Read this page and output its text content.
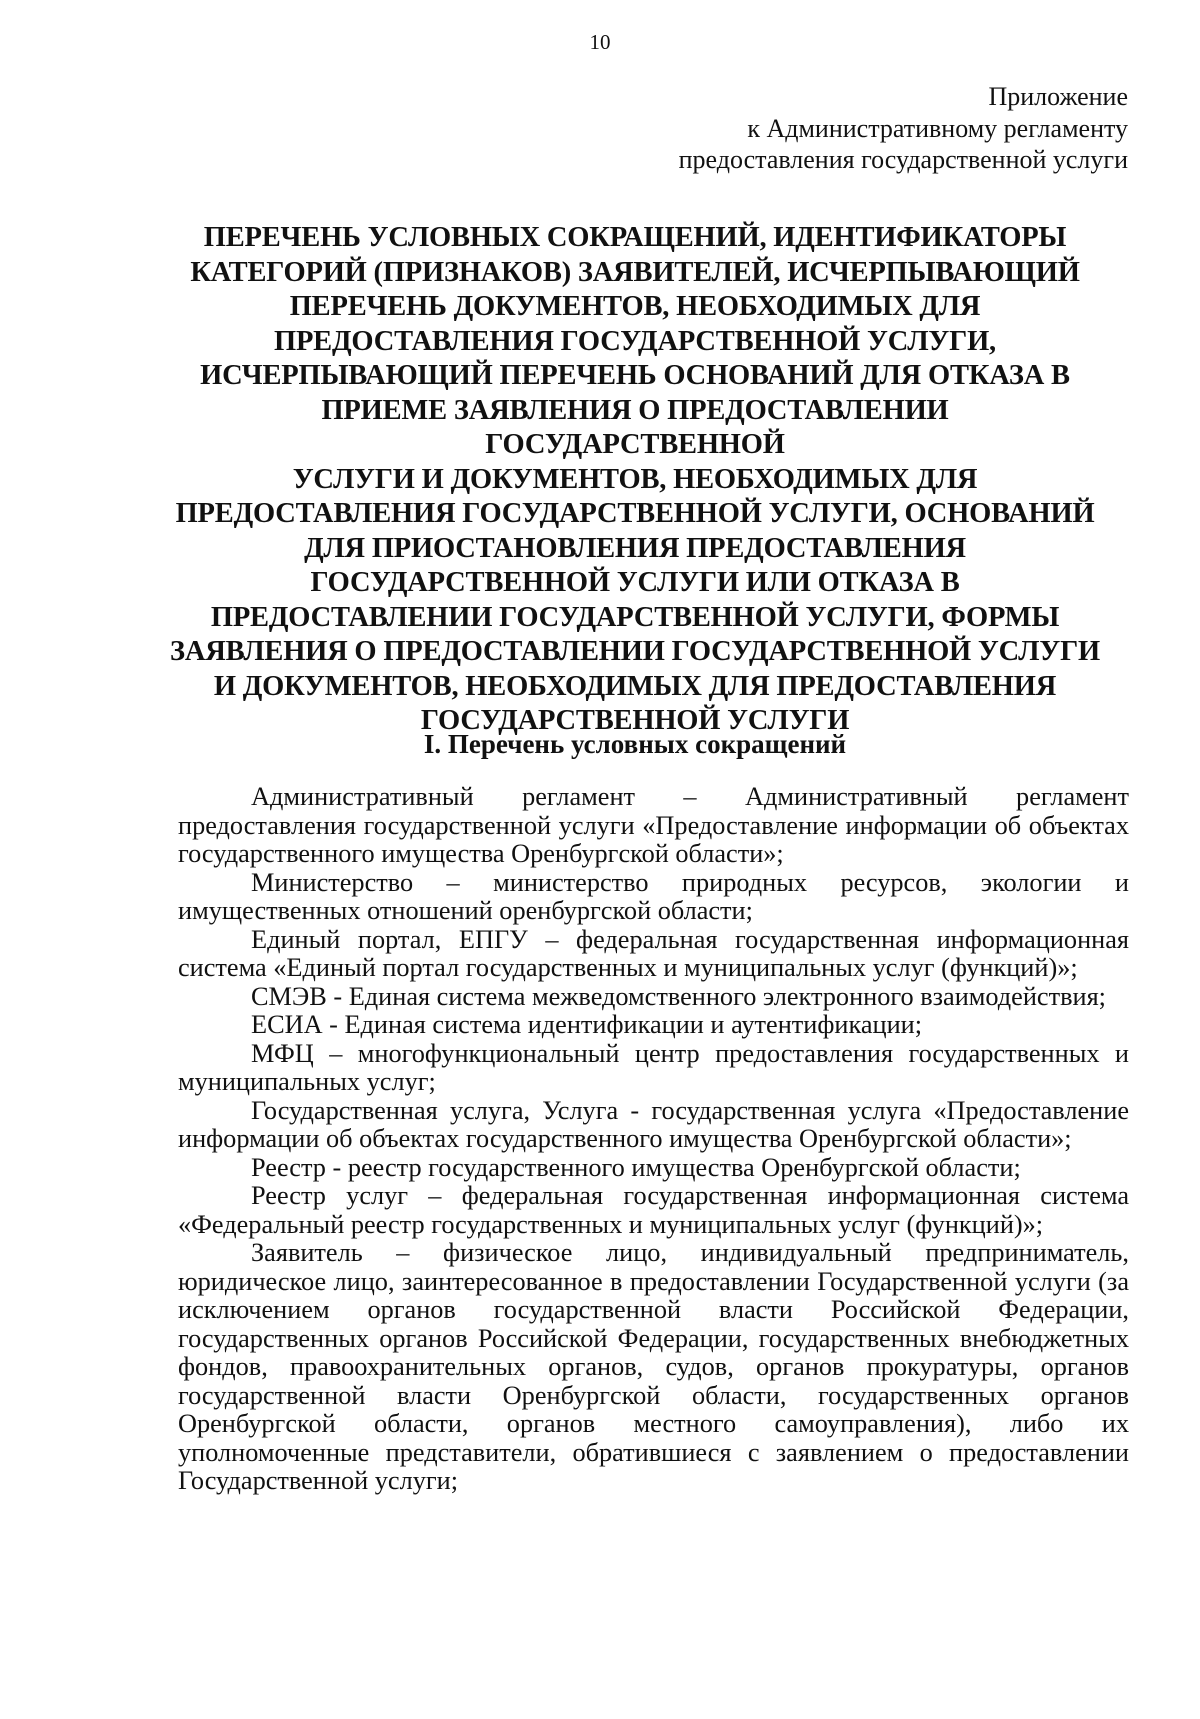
10
Приложение
к Административному регламенту
предоставления государственной услуги
ПЕРЕЧЕНЬ УСЛОВНЫХ СОКРАЩЕНИЙ, ИДЕНТИФИКАТОРЫ
КАТЕГОРИЙ (ПРИЗНАКОВ) ЗАЯВИТЕЛЕЙ, ИСЧЕРПЫВАЮЩИЙ
ПЕРЕЧЕНЬ ДОКУМЕНТОВ, НЕОБХОДИМЫХ ДЛЯ
ПРЕДОСТАВЛЕНИЯ ГОСУДАРСТВЕННОЙ УСЛУГИ,
ИСЧЕРПЫВАЮЩИЙ ПЕРЕЧЕНЬ ОСНОВАНИЙ ДЛЯ ОТКАЗА В
ПРИЕМЕ ЗАЯВЛЕНИЯ О ПРЕДОСТАВЛЕНИИ ГОСУДАРСТВЕННОЙ
УСЛУГИ И ДОКУМЕНТОВ, НЕОБХОДИМЫХ ДЛЯ
ПРЕДОСТАВЛЕНИЯ ГОСУДАРСТВЕННОЙ УСЛУГИ, ОСНОВАНИЙ
ДЛЯ ПРИОСТАНОВЛЕНИЯ ПРЕДОСТАВЛЕНИЯ
ГОСУДАРСТВЕННОЙ УСЛУГИ ИЛИ ОТКАЗА В
ПРЕДОСТАВЛЕНИИ ГОСУДАРСТВЕННОЙ УСЛУГИ, ФОРМЫ
ЗАЯВЛЕНИЯ О ПРЕДОСТАВЛЕНИИ ГОСУДАРСТВЕННОЙ УСЛУГИ
И ДОКУМЕНТОВ, НЕОБХОДИМЫХ ДЛЯ ПРЕДОСТАВЛЕНИЯ
ГОСУДАРСТВЕННОЙ УСЛУГИ
I. Перечень условных сокращений

Административный регламент – Административный регламент предоставления государственной услуги «Предоставление информации об объектах государственного имущества Оренбургской области»;

Министерство – министерство природных ресурсов, экологии и имущественных отношений оренбургской области;

Единый портал, ЕПГУ – федеральная государственная информационная система «Единый портал государственных и муниципальных услуг (функций)»;

СМЭВ - Единая система межведомственного электронного взаимодействия;

ЕСИА - Единая система идентификации и аутентификации;

МФЦ – многофункциональный центр предоставления государственных и муниципальных услуг;

Государственная услуга, Услуга - государственная услуга «Предоставление информации об объектах государственного имущества Оренбургской области»;

Реестр - реестр государственного имущества Оренбургской области;

Реестр услуг – федеральная государственная информационная система «Федеральный реестр государственных и муниципальных услуг (функций)»;

Заявитель – физическое лицо, индивидуальный предприниматель, юридическое лицо, заинтересованное в предоставлении Государственной услуги (за исключением органов государственной власти Российской Федерации, государственных органов Российской Федерации, государственных внебюджетных фондов, правоохранительных органов, судов, органов прокуратуры, органов государственной власти Оренбургской области, государственных органов Оренбургской области, органов местного самоуправления), либо их уполномоченные представители, обратившиеся с заявлением о предоставлении Государственной услуги;
